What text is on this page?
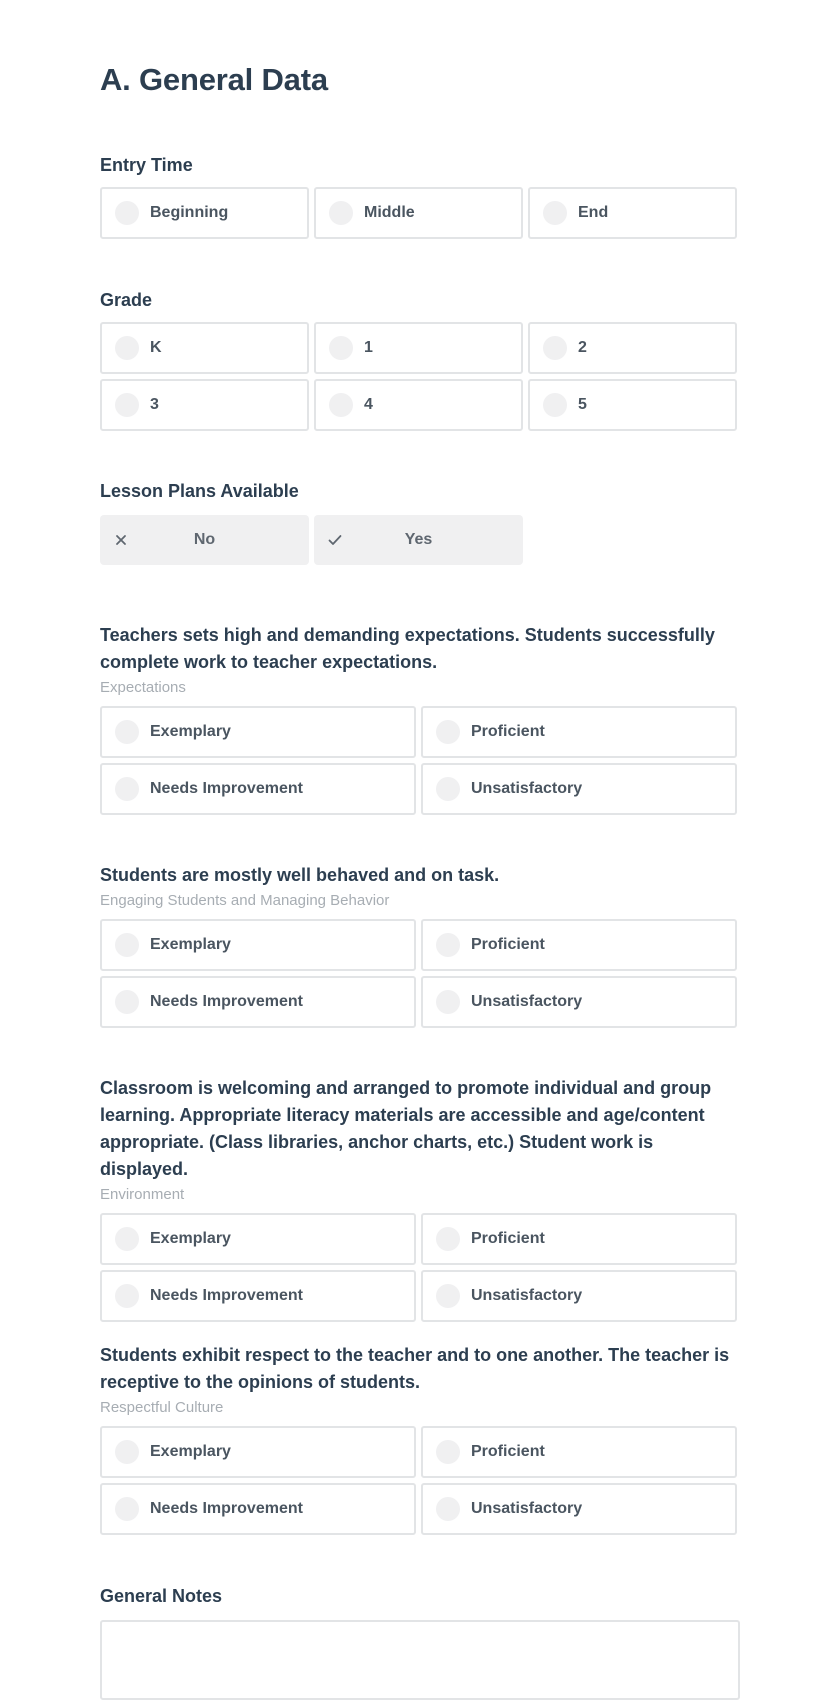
A. General Data

Entry Time

Beginning	Middle	End

Grade

K	1	2
3	4	5

Lesson Plans Available

No	Yes

Teachers sets high and demanding expectations. Students successfully complete work to teacher expectations.

Expectations

Exemplary	Proficient
Needs Improvement	Unsatisfactory

Students are mostly well behaved and on task.

Engaging Students and Managing Behavior

Exemplary	Proficient
Needs Improvement	Unsatisfactory

Classroom is welcoming and arranged to promote individual and group learning. Appropriate literacy materials are accessible and age/content appropriate. (Class libraries, anchor charts, etc.) Student work is displayed.

Environment

Exemplary	Proficient
Needs Improvement	Unsatisfactory

Students exhibit respect to the teacher and to one another. The teacher is receptive to the opinions of students.

Respectful Culture

Exemplary	Proficient
Needs Improvement	Unsatisfactory

General Notes
